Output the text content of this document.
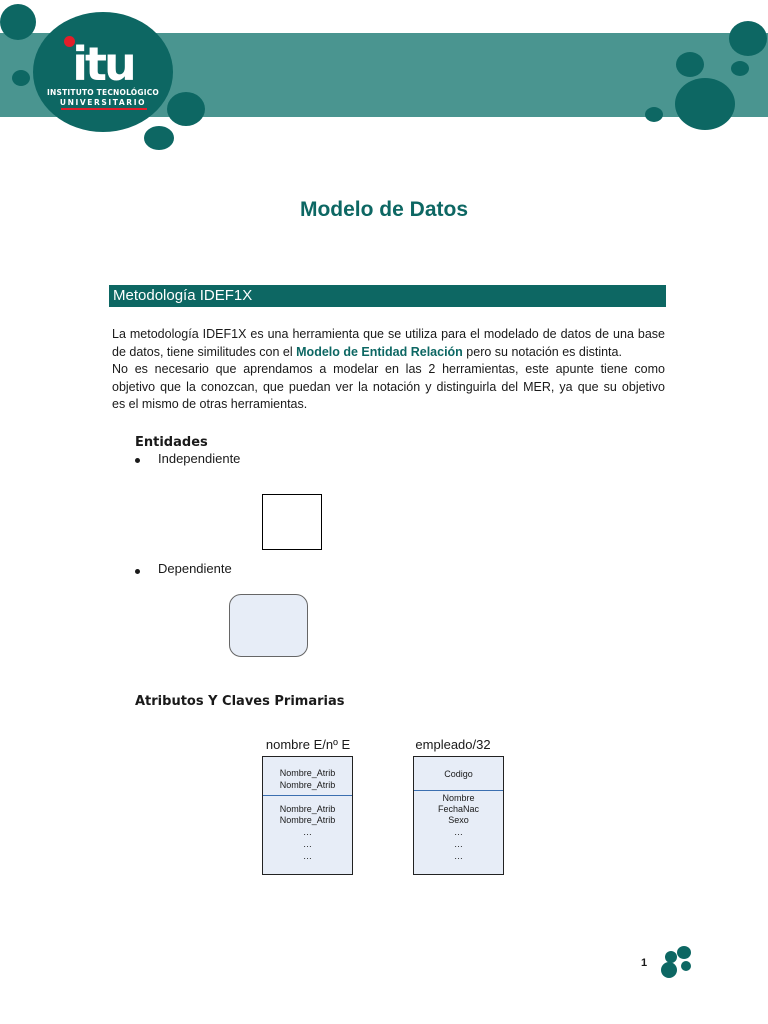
itu
INSTITUTO TECNOLÓGICO
UNIVERSITARIO
Modelo de Datos
Metodología IDEF1X
La metodología IDEF1X es una herramienta que se utiliza para el modelado de datos de una base
de datos, tiene similitudes con el Modelo de Entidad Relación pero su notación es distinta.
No es necesario que aprendamos a modelar en las 2 herramientas, este apunte tiene como
objetivo que la conozcan, que puedan ver la notación y distinguirla del MER, ya que su objetivo
es el mismo de otras herramientas.
Entidades
Independiente
Dependiente
Atributos Y Claves Primarias
nombre E/nº E
Nombre_Atrib
Nombre_Atrib
Nombre_Atrib
Nombre_Atrib
…
…
…
empleado/32
Codigo
Nombre
FechaNac
Sexo
…
…
…
1
